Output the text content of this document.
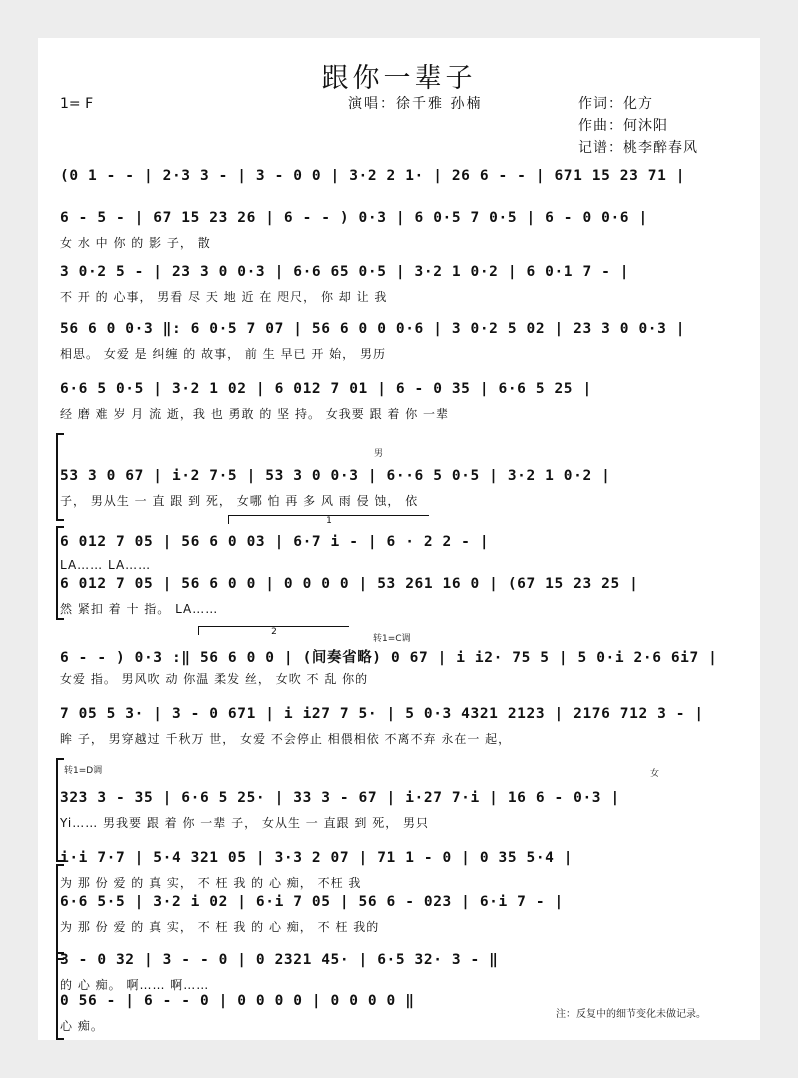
跟你一辈子
1= F	演唱：徐千雅 孙楠	作词：化方
作曲：何沐阳
记谱：桃李醉春风
1
2
转1=C调
转1=D调	女
男
(0 1 - - | 2·3 3 - | 3 - 0 0 | 3·2 2 1· | 26 6 - - | 671 15 23 71 |
6 - 5 - | 67 15 23 26 | 6 - - ) 0·3 | 6 0·5 7 0·5 | 6 - 0 0·6 |
女 水 中 你 的 影 子， 散
3 0·2 5 - | 23 3 0 0·3 | 6·6 65 0·5 | 3·2 1 0·2 | 6 0·1 7 - |
不 开 的 心事， 男看 尽 天 地 近 在 咫尺， 你 却 让 我
56 6 0 0·3 ‖: 6 0·5 7 07 | 56 6 0 0 0·6 | 3 0·2 5 02 | 23 3 0 0·3 |
相思。 女爱 是 纠缠 的 故事， 前 生 早已 开 始， 男历
6·6 5 0·5 | 3·2 1 02 | 6 012 7 01 | 6 - 0 35 | 6·6 5 25 |
经 磨 难 岁 月 流 逝，我 也 勇敢 的 坚 持。 女我要 跟 着 你 一辈
53 3 0 67 | i·2 7·5 | 53 3 0 0·3 | 6··6 5 0·5 | 3·2 1 0·2 |
子， 男从生 一 直 跟 到 死， 女哪 怕 再 多 风 雨 侵 蚀， 依
6 012 7 05 | 56 6 0 03 | 6·7 i - | 6 · 2 2 - |
LA…… LA……
6 012 7 05 | 56 6 0 0 | 0 0 0 0 | 53 261 16 0 | (67 15 23 25 |
然 紧扣 着 十 指。 LA……
6 - - ) 0·3 :‖ 56 6 0 0 | (间奏省略) 0 67 | i i2· 75 5 | 5 0·i 2·6 6i7 |
女爱 指。 男风吹 动 你温 柔发 丝， 女吹 不 乱 你的
7 05 5 3· | 3 - 0 671 | i i27 7 5· | 5 0·3 4321 2123 | 2176 712 3 - |
眸 子， 男穿越过 千秋万 世， 女爱 不会停止 相偎相依 不离不弃 永在一 起，
323 3 - 35 | 6·6 5 25· | 33 3 - 67 | i·27 7·i | 16 6 - 0·3 |
Yi…… 男我要 跟 着 你 一辈 子， 女从生 一 直跟 到 死， 男只
i·i 7·7 | 5·4 321 05 | 3·3 2 07 | 71 1 - 0 | 0 35 5·4 |
为 那 份 爱 的 真 实， 不 枉 我 的 心 痴， 不枉 我
6·6 5·5 | 3·2 i 02 | 6·i 7 05 | 56 6 - 023 | 6·i 7 - |
为 那 份 爱 的 真 实， 不 枉 我 的 心 痴， 不 枉 我的
3 - 0 32 | 3 - - 0 | 0 2321 45· | 6·5 32· 3 - ‖
的 心 痴。 啊…… 啊……
0 56 - | 6 - - 0 | 0 0 0 0 | 0 0 0 0 ‖
心 痴。
注：反复中的细节变化未做记录。
